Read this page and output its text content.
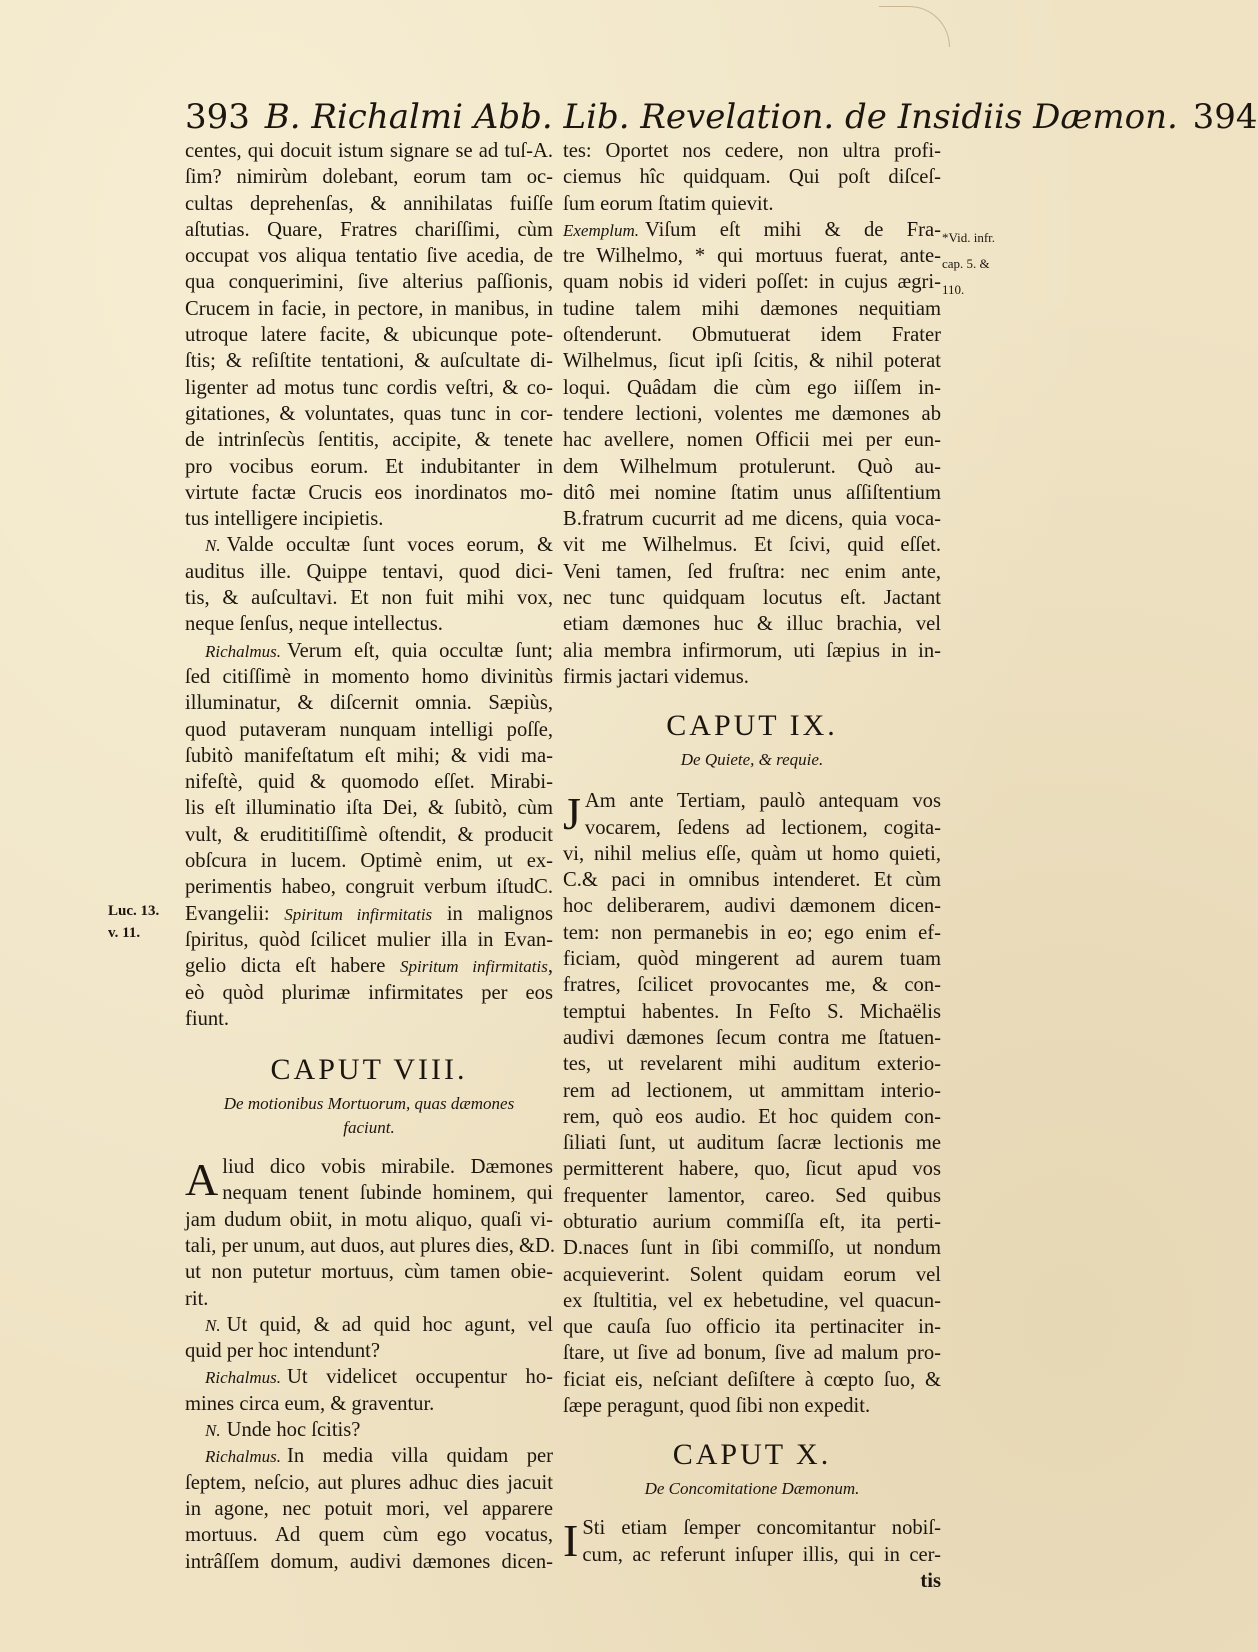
393 B. Richalmi Abb. Lib. Revelation. de Insidiis Dæmon. 394
centes, qui docuit istum signare se ad tuſ-A.
ſim? nimirùm dolebant, eorum tam oc-
cultas deprehenſas, & annihilatas fuiſſe
aſtutias. Quare, Fratres chariſſimi, cùm
occupat vos aliqua tentatio ſive acedia, de
qua conquerimini, ſive alterius paſſionis,
Crucem in facie, in pectore, in manibus, in
utroque latere facite, & ubicunque pote-
ſtis; & reſiſtite tentationi, & auſcultate di-
ligenter ad motus tunc cordis veſtri, & co-
gitationes, & voluntates, quas tunc in cor-
de intrinſecùs ſentitis, accipite, & tenete
pro vocibus eorum. Et indubitanter in
virtute factæ Crucis eos inordinatos mo-
tus intelligere incipietis.
N. Valde occultæ ſunt voces eorum, &
auditus ille. Quippe tentavi, quod dici-
tis, & auſcultavi. Et non fuit mihi vox,
neque ſenſus, neque intellectus.
Richalmus. Verum eſt, quia occultæ ſunt;
ſed citiſſimè in momento homo divinitùs
illuminatur, & diſcernit omnia. Sæpiùs,
quod putaveram nunquam intelligi poſſe,
ſubitò manifeſtatum eſt mihi; & vidi ma-
nifeſtè, quid & quomodo eſſet. Mirabi-
lis eſt illuminatio iſta Dei, & ſubitò, cùm
vult, & erudititiſſimè oſtendit, & producit
obſcura in lucem. Optimè enim, ut ex-
perimentis habeo, congruit verbum iſtudC.
Evangelii: Spiritum infirmitatis in malignos
ſpiritus, quòd ſcilicet mulier illa in Evan-
gelio dicta eſt habere Spiritum infirmitatis,
eò quòd plurimæ infirmitates per eos
fiunt.
CAPUT VIII.
De motionibus Mortuorum, quas dæmones
faciunt.
A liud dico vobis mirabile. Dæmones
nequam tenent ſubinde hominem, qui
jam dudum obiit, in motu aliquo, quaſi vi-
tali, per unum, aut duos, aut plures dies, &D.
ut non putetur mortuus, cùm tamen obie-
rit.
N. Ut quid, & ad quid hoc agunt, vel
quid per hoc intendunt?
Richalmus. Ut videlicet occupentur ho-
mines circa eum, & graventur.
N. Unde hoc ſcitis?
Richalmus. In media villa quidam per
ſeptem, neſcio, aut plures adhuc dies jacuit
in agone, nec potuit mori, vel apparere
mortuus. Ad quem cùm ego vocatus,
intrâſſem domum, audivi dæmones dicen-
tes: Oportet nos cedere, non ultra profi-
ciemus hîc quidquam. Qui poſt diſceſ-
ſum eorum ſtatim quievit.
Exemplum. Viſum eſt mihi & de Fra-
tre Wilhelmo, * qui mortuus fuerat, ante-
quam nobis id videri poſſet: in cujus ægri-
tudine talem mihi dæmones nequitiam
oſtenderunt. Obmutuerat idem Frater
Wilhelmus, ſicut ipſi ſcitis, & nihil poterat
loqui. Quâdam die cùm ego iiſſem in-
tendere lectioni, volentes me dæmones ab
hac avellere, nomen Officii mei per eun-
dem Wilhelmum protulerunt. Quò au-
ditô mei nomine ſtatim unus aſſiſtentium
B.fratrum cucurrit ad me dicens, quia voca-
vit me Wilhelmus. Et ſcivi, quid eſſet.
Veni tamen, ſed fruſtra: nec enim ante,
nec tunc quidquam locutus eſt. Jactant
etiam dæmones huc & illuc brachia, vel
alia membra infirmorum, uti ſæpius in in-
firmis jactari videmus.
CAPUT IX.
De Quiete, & requie.
J Am ante Tertiam, paulò antequam vos
vocarem, ſedens ad lectionem, cogita-
vi, nihil melius eſſe, quàm ut homo quieti,
C.& paci in omnibus intenderet. Et cùm
hoc deliberarem, audivi dæmonem dicen-
tem: non permanebis in eo; ego enim ef-
ficiam, quòd mingerent ad aurem tuam
fratres, ſcilicet provocantes me, & con-
temptui habentes. In Feſto S. Michaëlis
audivi dæmones ſecum contra me ſtatuen-
tes, ut revelarent mihi auditum exterio-
rem ad lectionem, ut ammittam interio-
rem, quò eos audio. Et hoc quidem con-
ſiliati ſunt, ut auditum ſacræ lectionis me
permitterent habere, quo, ſicut apud vos
frequenter lamentor, careo. Sed quibus
obturatio aurium commiſſa eſt, ita perti-
D.naces ſunt in ſibi commiſſo, ut nondum
acquieverint. Solent quidam eorum vel
ex ſtultitia, vel ex hebetudine, vel quacun-
que cauſa ſuo officio ita pertinaciter in-
ſtare, ut ſive ad bonum, ſive ad malum pro-
ficiat eis, neſciant deſiſtere à cœpto ſuo, &
ſæpe peragunt, quod ſibi non expedit.
CAPUT X.
De Concomitatione Dæmonum.
I Sti etiam ſemper concomitantur nobiſ-
cum, ac referunt inſuper illis, qui in cer-
tis
Luc. 13.
v. 11.
*Vid. infr.
cap. 5. &
110.
